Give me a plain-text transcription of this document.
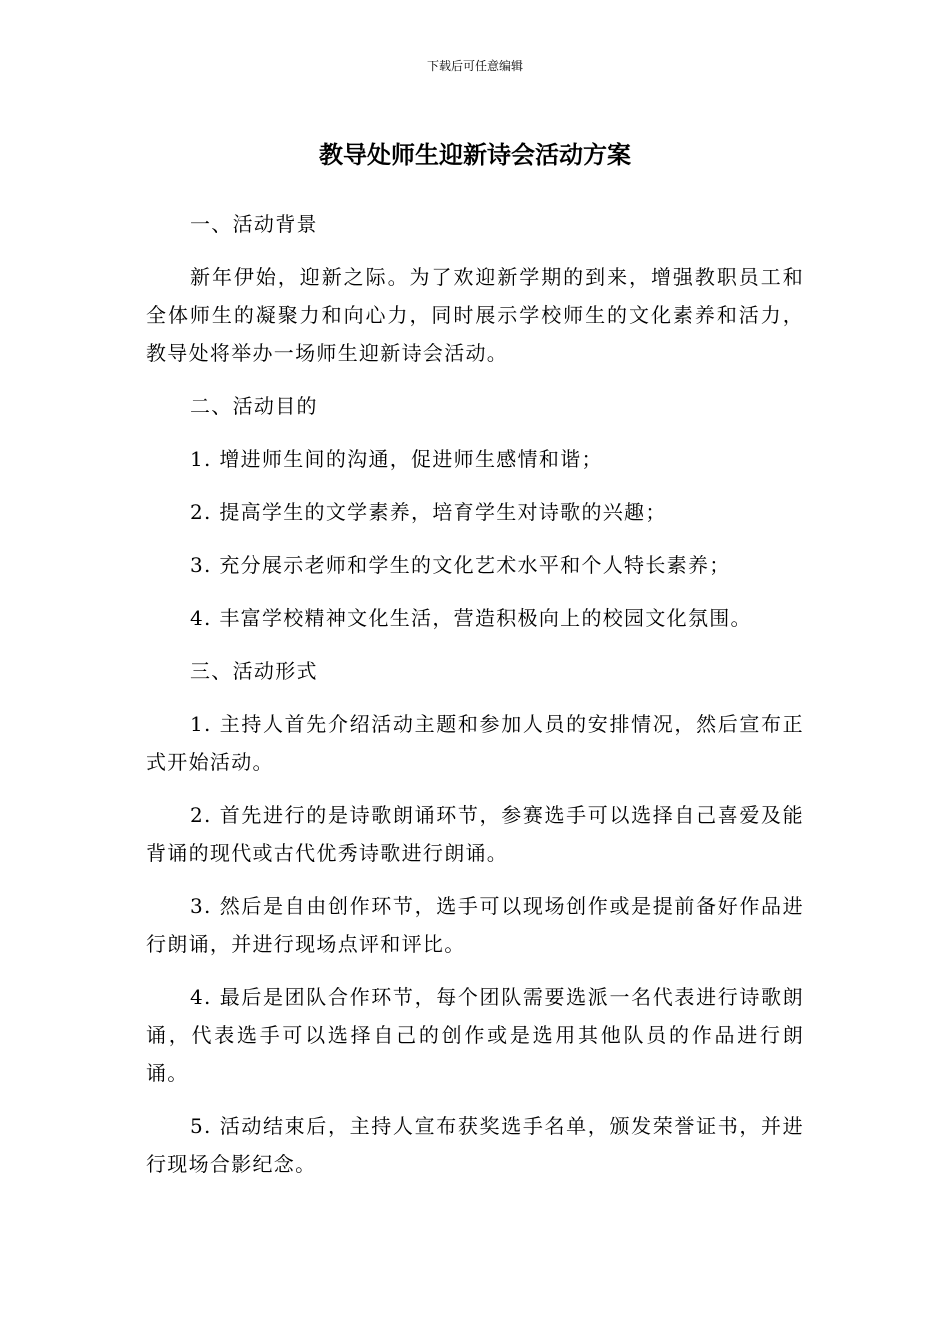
下载后可任意编辑
教导处师生迎新诗会活动方案

一、活动背景

新年伊始，迎新之际。为了欢迎新学期的到来，增强教职员工和全体师生的凝聚力和向心力，同时展示学校师生的文化素养和活力，教导处将举办一场师生迎新诗会活动。

二、活动目的

1. 增进师生间的沟通，促进师生感情和谐；

2. 提高学生的文学素养，培育学生对诗歌的兴趣；

3. 充分展示老师和学生的文化艺术水平和个人特长素养；

4. 丰富学校精神文化生活，营造积极向上的校园文化氛围。

三、活动形式

1. 主持人首先介绍活动主题和参加人员的安排情况，然后宣布正式开始活动。

2. 首先进行的是诗歌朗诵环节，参赛选手可以选择自己喜爱及能背诵的现代或古代优秀诗歌进行朗诵。

3. 然后是自由创作环节，选手可以现场创作或是提前备好作品进行朗诵，并进行现场点评和评比。

4. 最后是团队合作环节，每个团队需要选派一名代表进行诗歌朗诵，代表选手可以选择自己的创作或是选用其他队员的作品进行朗诵。

5. 活动结束后，主持人宣布获奖选手名单，颁发荣誉证书，并进行现场合影纪念。
